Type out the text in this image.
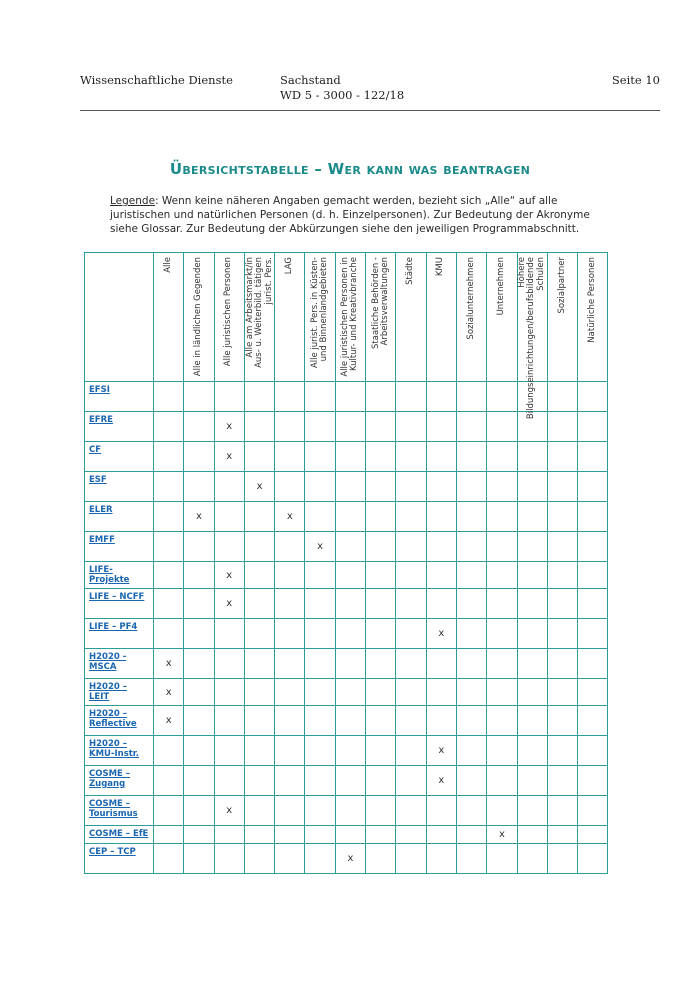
Wissenschaftliche Dienste	Sachstand
WD 5 - 3000 - 122/18
Seite 10
Übersichtstabelle – Wer kann was beantragen
Legende: Wenn keine näheren Angaben gemacht werden, bezieht sich „Alle“ auf alle juristischen und natürlichen Personen (d. h. Einzelpersonen). Zur Bedeutung der Akronyme siehe Glossar. Zur Bedeutung der Abkürzungen siehe den jeweiligen Programmabschnitt.

Alle	Alle in ländlichen Gegenden	Alle juristischen Personen	Alle am Arbeitsmarkt/in Aus- u. Weiterbild. tätigen jurist. Pers.	LAG	Alle jurist. Pers. in Küsten- und Binnenlandgebieten	Alle juristischen Personen in Kultur- und Kreativbranche	Staatliche Behörden - Arbeitsverwaltungen	Städte	KMU	Sozialunternehmen	Unternehmen	Höhere Bildungseinrichtungen/berufsbildende Schulen	Sozialpartner	Natürliche Personen

EFSI															
EFRE			x												
CF			x												
ESF				x											
ELER		x			x										
EMFF						x									
LIFE-Projekte			x												
LIFE – NCFF			x												
LIFE – PF4										x					
H2020 - MSCA	x														
H2020 – LEIT	x														
H2020 – Reflective	x														
H2020 – KMU-Instr.										x					
COSME – Zugang										x					
COSME – Tourismus			x												
COSME – EfE												x			
CEP – TCP							x								
